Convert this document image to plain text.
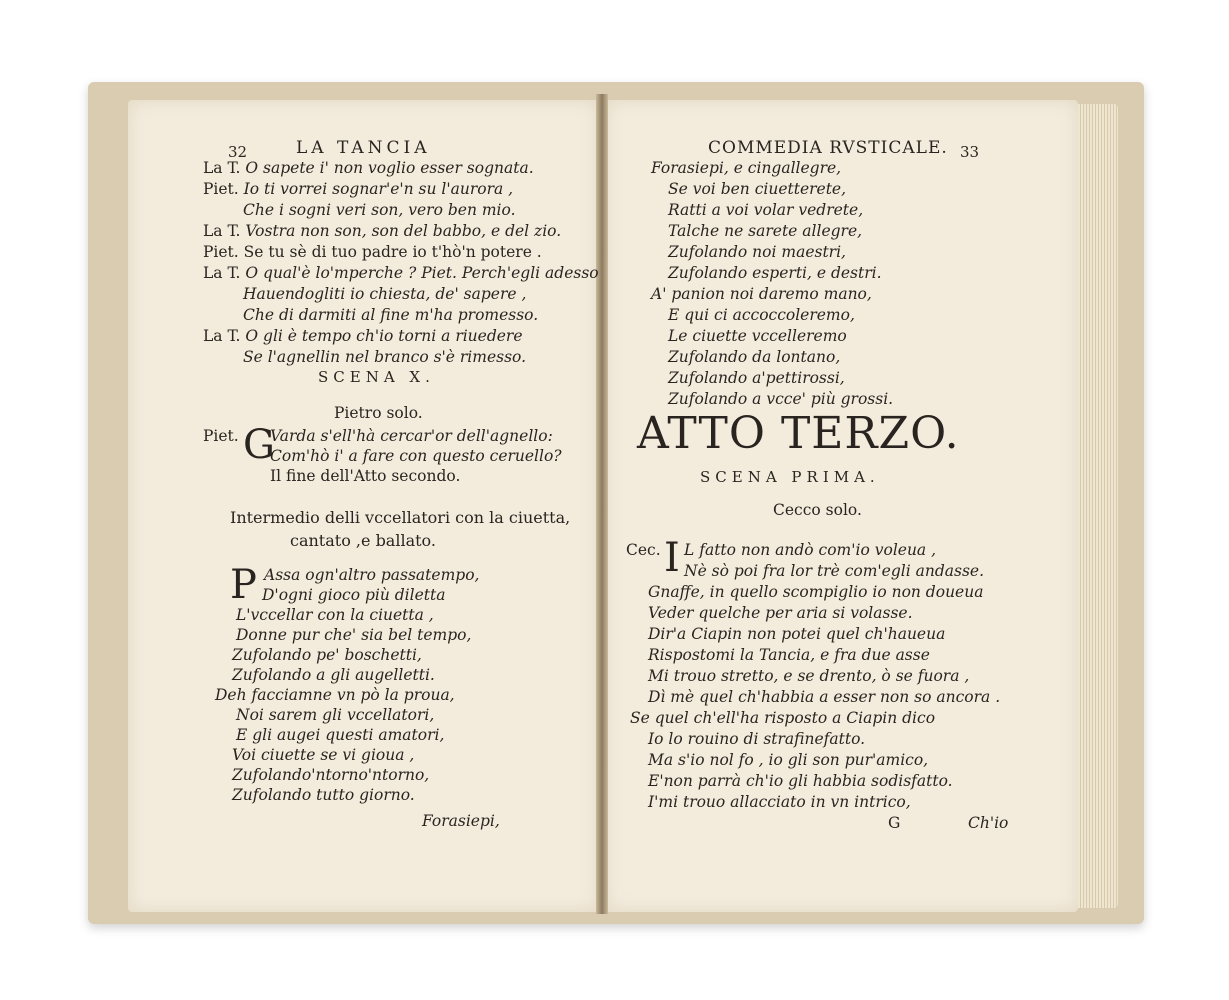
32	LA TANCIA
La T. O sapete i' non voglio esser sognata.
Piet. Io ti vorrei sognar'e'n su l'aurora ,
Che i sogni veri son, vero ben mio.
La T. Vostra non son, son del babbo, e del zio.
Piet. Se tu sè di tuo padre io t'hò'n potere .
La T. O qual'è lo'mperche ? Piet. Perch'egli adesso
Hauendogliti io chiesta, de' sapere ,
Che di darmiti al fine m'ha promesso.
La T. O gli è tempo ch'io torni a riuedere
Se l'agnellin nel branco s'è rimesso.
SCENA X.
Pietro solo.
Piet. G
Varda s'ell'hà cercar'or dell'agnello:
Com'hò i' a fare con questo ceruello?
Il fine dell'Atto secondo.
Intermedio delli vccellatori con la ciuetta,
cantato ,e ballato.
P Assa ogn'altro passatempo,
D'ogni gioco più diletta
L'vccellar con la ciuetta ,
Donne pur che' sia bel tempo,
Zufolando pe' boschetti,
Zufolando a gli augelletti.
Deh facciamne vn pò la proua,
Noi sarem gli vccellatori,
E gli augei questi amatori,
Voi ciuette se vi gioua ,
Zufolando'ntorno'ntorno,
Zufolando tutto giorno.
Forasiepi,
COMMEDIA RVSTICALE. 33
Forasiepi, e cingallegre,
Se voi ben ciuetterete,
Ratti a voi volar vedrete,
Talche ne sarete allegre,
Zufolando noi maestri,
Zufolando esperti, e destri.
A' panion noi daremo mano,
E qui ci accoccoleremo,
Le ciuette vccelleremo
Zufolando da lontano,
Zufolando a'pettirossi,
Zufolando a vcce' più grossi.
ATTO TERZO.
SCENA PRIMA.
Cecco solo.
Cec. I L fatto non andò com'io voleua ,
Nè sò poi fra lor trè com'egli andasse.
Gnaffe, in quello scompiglio io non doueua
Veder quelche per aria si volasse.
Dir'a Ciapin non potei quel ch'haueua
Rispostomi la Tancia, e fra due asse
Mi trouo stretto, e se drento, ò se fuora ,
Dì mè quel ch'habbia a esser non so ancora .
Se quel ch'ell'ha risposto a Ciapin dico
Io lo rouino di strafinefatto.
Ma s'io nol fo , io gli son pur'amico,
E'non parrà ch'io gli habbia sodisfatto.
I'mi trouo allacciato in vn intrico,
G	Ch'io
